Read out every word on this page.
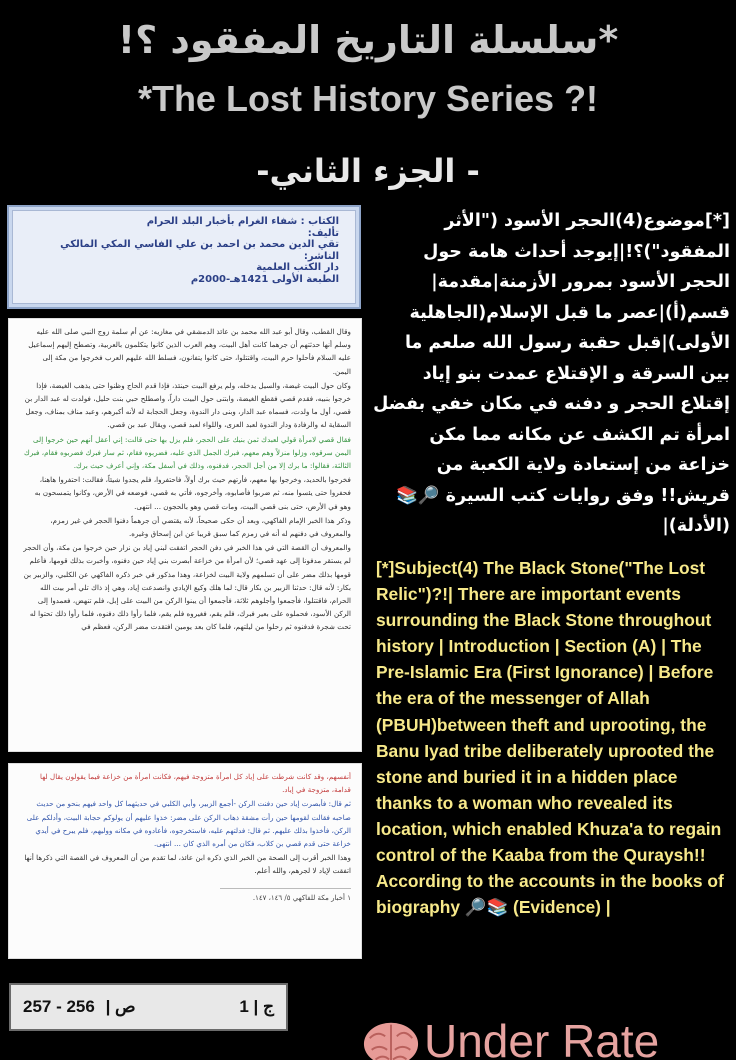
*سلسلة التاريخ المفقود ؟!
*The Lost History Series ?!
- الجزء الثاني-
الكتاب : شفاء الغرام بأخبار البلد الحرام
تأليف:
تقي الدين محمد بن احمد بن علي الفاسي المكي المالكي
الناشر:
دار الكتب العلمية
الطبعة الأولى 1421هـ-2000م

وقال القطب، وقال أبو عبد الله محمد بن عائذ الدمشقي في مغازيه: عن أم سلمة زوج النبي صلى الله عليه وسلم أنها حدثتهم أن جرهما كانت أهل البيت، وهم العرب الذين كانوا يتكلمون بالعربية، وتصطح إليهم إسماعيل عليه السلام فأحلوا حرم البيت، واقتتلوا، حتى كانوا يتفانون، فسلط الله عليهم العرب فخرجوا من مكة إلى اليمن.

وكان حول البيت غيضة، والسيل يدخله، ولم يرفع البيت حينئذ، فإذا قدم الحاج وظنوا حتى يذهب الغيضة، فإذا خرجوا بنبيه، فقدم قصي فقطع الغيضة، وابتنى حول البيت داراً، واصطلح حبي بنت حليل، فولدت له عبد الدار بن قصي، أول ما ولدت، فسماه عبد الدار، وبنى دار الندوة، وجعل الحجابة له لأنه أكبرهم، وعبد مناف بمناف، وجعل السقاية له والرفادة ودار الندوة لعبد العزى، واللواء لعبد قصي، ويقال عبد بن قصي.

فقال قصي لامرأة قولي لعبدك ثمن بنيك على الحجر، فلم يزل بها حتى قالت: إني أعقل أنهم حين خرجوا إلى اليمن سرقوه، وزلوا منزلاً وهم معهم، فبرك الجمل الذي عليه، فضربوه فقام، ثم سار فبرك فضربوه فقام، فبرك الثالثة، فقالوا: ما برك إلا من أجل الحجر، فدفنوه، وذلك في أسفل مكة، وإني أعرف حيث برك.

فخرجوا بالحديد، وخرجوا بها معهم، فأرتهم حيث برك أولاً، فاحتفروا، فلم يجدوا شيئاً، فقالت: احتفروا هاهنا، فحفروا حتى يئسوا منه، ثم ضربوا فأصابوه، وأخرجوه، فأتي به قصي، فوضعه في الأرض، وكانوا يتمسحون به وهو في الأرض، حتى بنى قصي البيت، ومات قصي وهو بالحجون ... انتهى.

وذكر هذا الخبر الإمام الفاكهي، وبعد أن حكى صحيحاً، لأنه يقتضي أن جرهماً دفنوا الحجر في غير زمزم، والمعروف في دفنهم له أنه في زمزم كما سبق قريبا عن ابن إسحاق وغيره.

والمعروف أن القصة التي في هذا الخبر في دفن الحجر اتفقت لبني إياد بن نزار حين خرجوا من مكة، وأن الحجر لم يستقر مدفونا إلى عهد قصي؛ لأن امرأة من خزاعة أبصرت بني إياد حين دفنوه، وأخبرت بذلك قومها، فأعلم قومها بذلك مضر على أن تسلمهم ولاية البيت لخزاعة، وهذا مذكور في خبر ذكره الفاكهي عن الكلبي، والزبير بن بكار: لأنه قال: حدثنا الزبير بن بكار قال: لما هلك وكيع الإيادي وانصدعت إياد، وهي إذ ذاك تلي أمر بيت الله الحرام، فاقتتلوا، فأجمعوا وأجلوهم ثلاثة، فأجمعوا أن يبنوا الركن من البيت على إبل، فلم تنهض، فعمدوا إلى الركن الأسود، فحملوه على بعير فبرك، فلم يقم، فغيروه فلم يقم، فلما رأوا ذلك دفنوه، فلما رأوا ذلك تحتوا له تحت شجرة فدفنوه ثم رحلوا من ليلتهم، فلما كان بعد يومين افتقدت مضر الركن، فعظم في

أنفسهم، وقد كانت شرطت على إياد كل امرأة متزوجة فيهم، فكانت امرأة من خزاعة فيما يقولون يقال لها قدامة، متزوجة في إياد.

ثم قال: فأبصرت إياد حين دفنت الركن -أجمع الزبير، وأبي الكلبي في حديثهما كل واحد فيهم بنحو من حديث صاحبه فقالت لقومها حين رأت مشقة ذهاب الركن على مضر: خذوا عليهم أن يولوكم حجابة البيت، وأدلكم على الركن، فأخذوا بذلك عليهم. ثم قال: فدلتهم عليه، فاستخرجوه، فأعادوه في مكانه ووليهم، فلم يبرح في أيدي خزاعة حتى قدم قصي بن كلاب، فكان من أمره الذي كان ... انتهى.

وهذا الخبر أقرب إلى الصحة من الخبر الذي ذكره ابن عائذ، لما تقدم من أن المعروف في القصة التي ذكرها أنها اتفقت لإياد لا لجرهم، والله أعلم.

١ أخبار مكة للفاكهي ٥/ ١٤٦، ١٤٧.
ج | 1
ص | 257 - 256
[*]موضوع(4)الحجر الأسود ("الأثر المفقود")؟!|إيوجد أحداث هامة حول الحجر الأسود بمرور الأزمنة|مقدمة| قسم(أ)|عصر ما قبل الإسلام(الجاهلية الأولى)|قبل حقبة رسول الله صلعم ما بين السرقة و الإقتلاع عمدت بنو إياد إقتلاع الحجر و دفنه في مكان خفي بفضل امرأة تم الكشف عن مكانه مما مكن خزاعة من إستعادة ولاية الكعبة من قريش!! وفق روايات كتب السيرة 🔎📚(الأدلة)|
[*]Subject(4) The Black Stone("The Lost Relic")?!| There are important events surrounding the Black Stone throughout history | Introduction | Section (A) | The Pre-Islamic Era (First Ignorance) | Before the era of the messenger of Allah (PBUH)between theft and uprooting, the Banu Iyad tribe deliberately uprooted the stone and buried it in a hidden place thanks to a woman who revealed its location, which enabled Khuza'a to regain control of the Kaaba from the Quraysh!! According to the accounts in the books of biography 🔎📚 (Evidence) |
Under Rate
